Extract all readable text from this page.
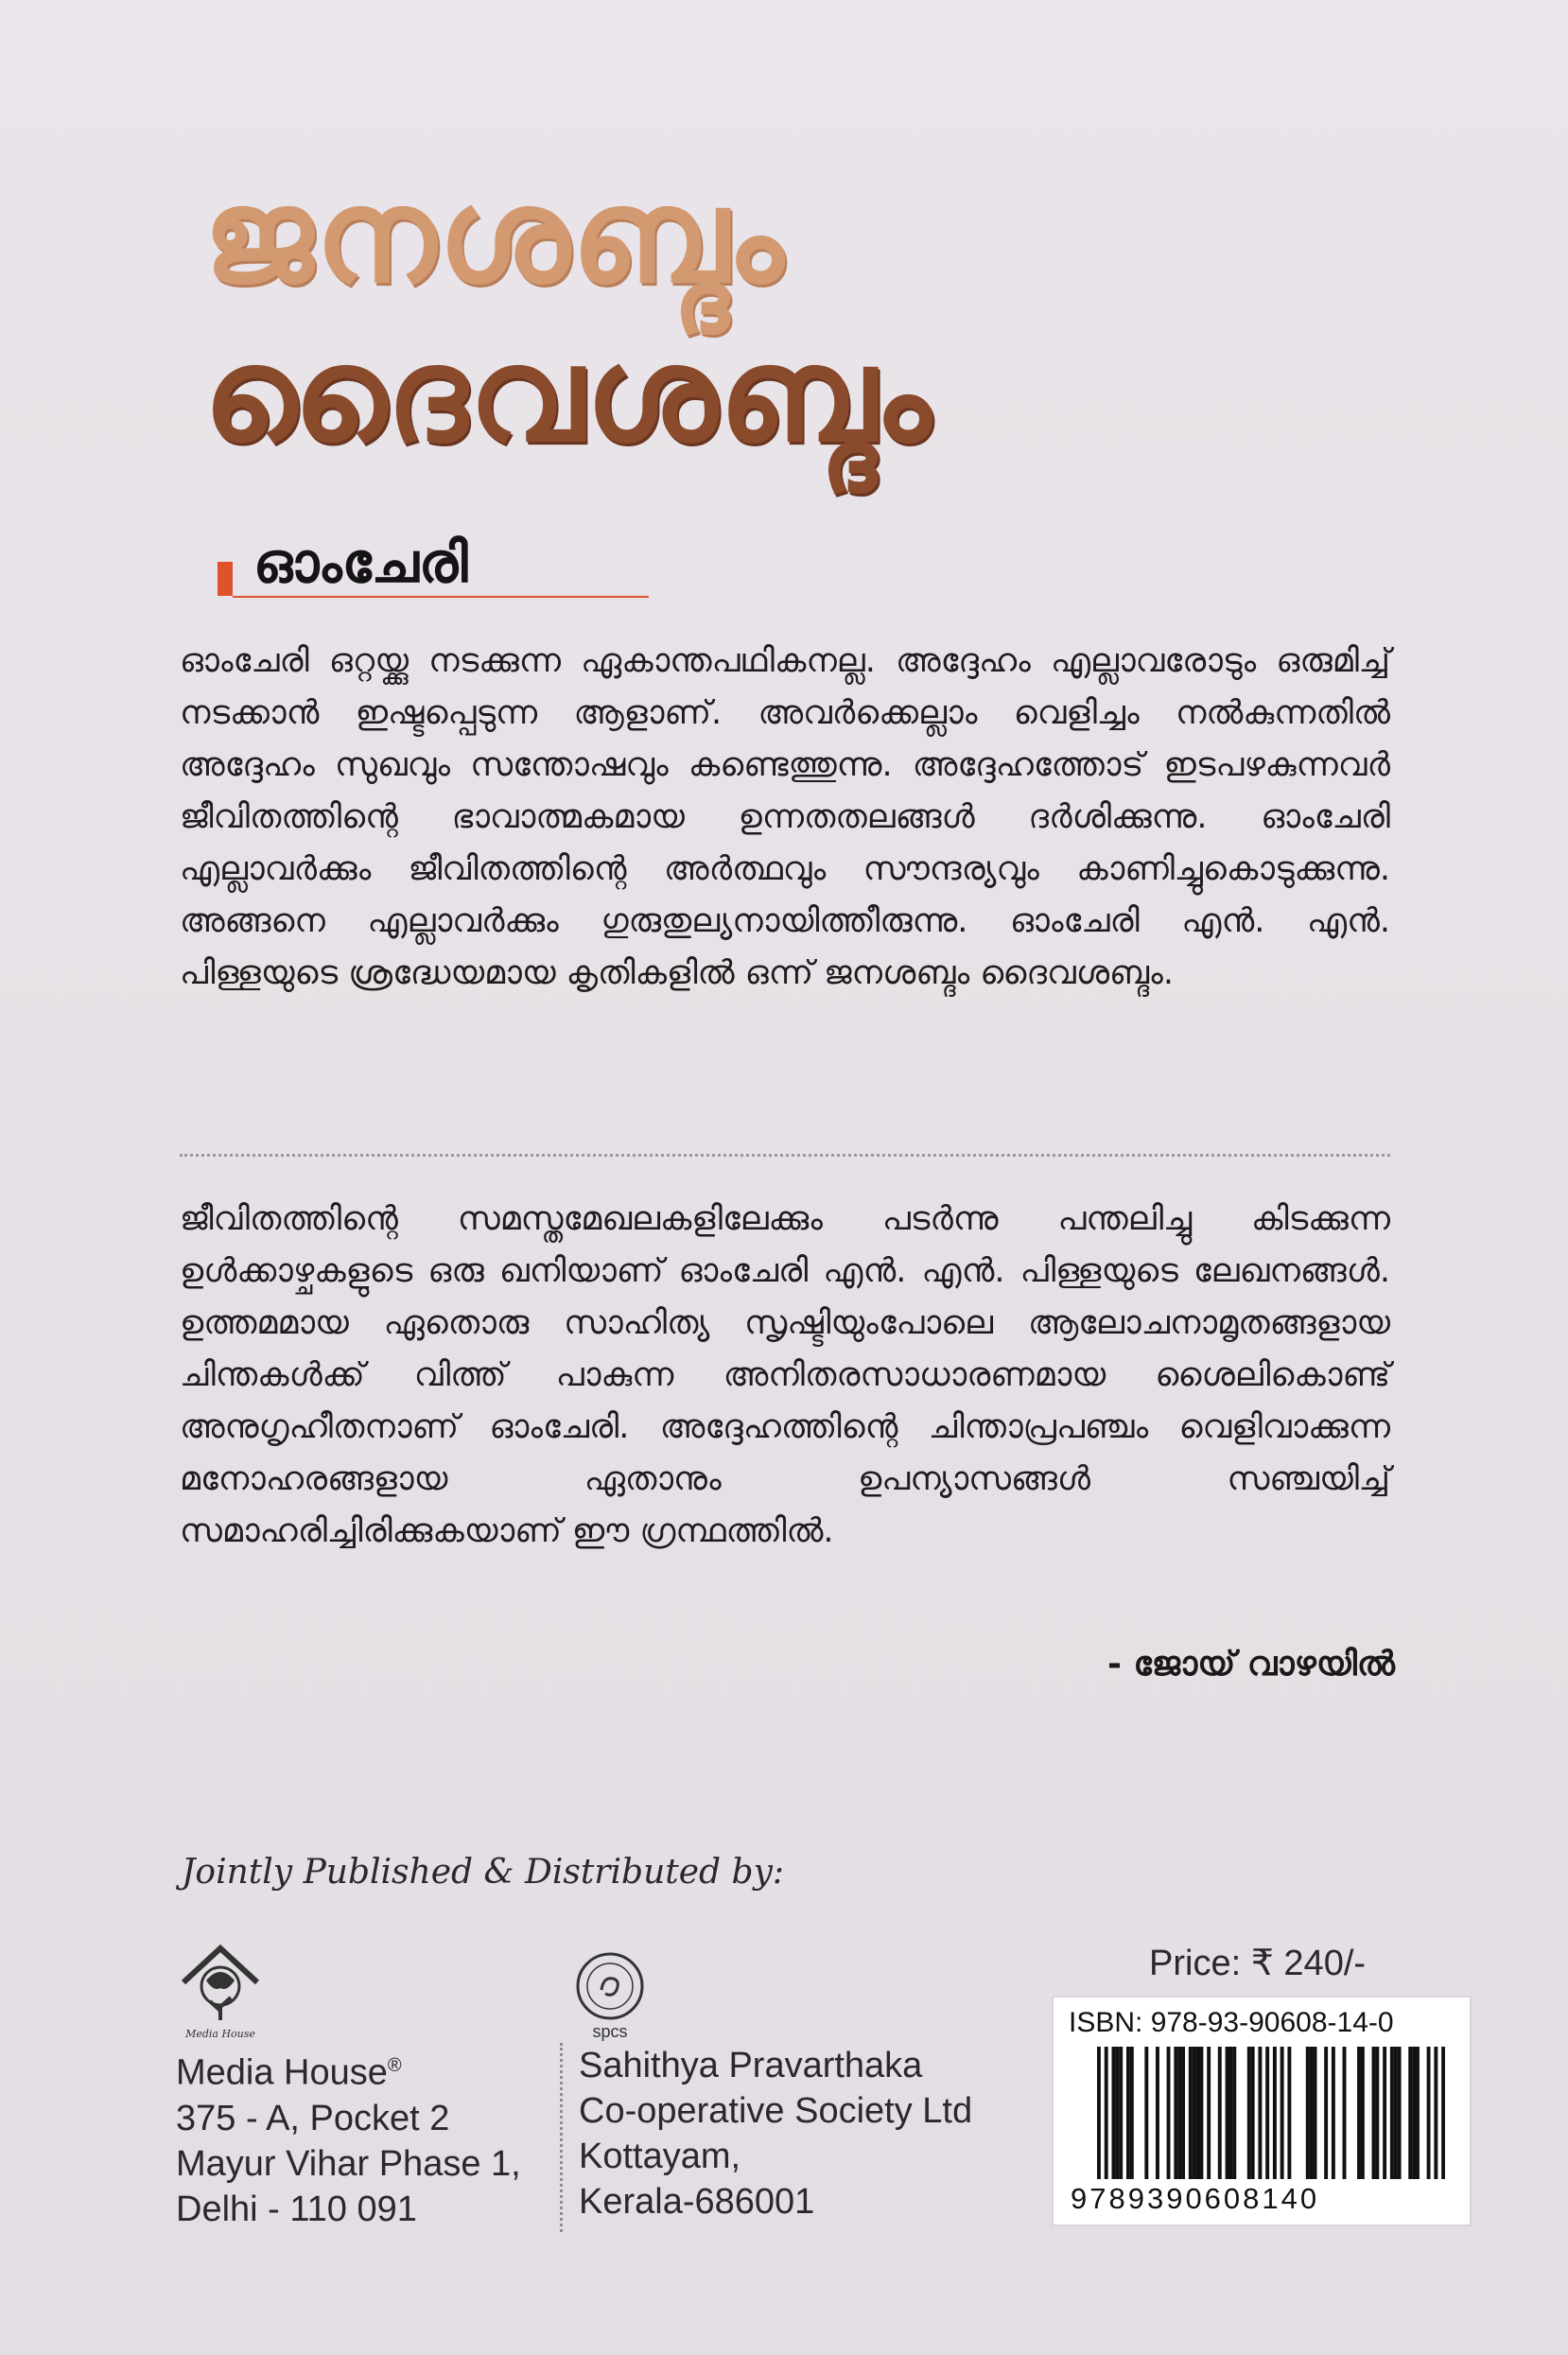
ജനശബ്ദം
ദൈവശബ്ദം
ഓംചേരി
ഓംചേരി ഒറ്റയ്ക്കു നടക്കുന്ന ഏകാന്തപഥികനല്ല. അദ്ദേഹം എല്ലാവരോടും ഒരുമിച്ച് നടക്കാൻ ഇഷ്ടപ്പെടുന്ന ആളാണ്. അവർക്കെല്ലാം വെളിച്ചം നൽകുന്നതിൽ അദ്ദേഹം സുഖവും സന്തോഷവും കണ്ടെത്തുന്നു. അദ്ദേഹത്തോട് ഇടപഴകുന്നവർ ജീവിതത്തിന്റെ ഭാവാത്മകമായ ഉന്നതതലങ്ങൾ ദർശിക്കുന്നു. ഓംചേരി എല്ലാവർക്കും ജീവിതത്തിന്റെ അർത്ഥവും സൗന്ദര്യവും കാണിച്ചുകൊടുക്കുന്നു. അങ്ങനെ എല്ലാവർക്കും ഗുരുതുല്യനായിത്തീരുന്നു. ഓംചേരി എൻ. എൻ. പിള്ളയുടെ ശ്രദ്ധേയമായ കൃതികളിൽ ഒന്ന് ജനശബ്ദം ദൈവശബ്ദം.
ജീവിതത്തിന്റെ സമസ്തമേഖലകളിലേക്കും പടർന്നു പന്തലിച്ചു കിടക്കുന്ന ഉൾക്കാഴ്ചകളുടെ ഒരു ഖനിയാണ് ഓംചേരി എൻ. എൻ. പിള്ളയുടെ ലേഖനങ്ങൾ. ഉത്തമമായ ഏതൊരു സാഹിത്യ സൃഷ്ടിയുംപോലെ ആലോചനാമൃതങ്ങളായ ചിന്തകൾക്ക് വിത്ത് പാകുന്ന അനിതരസാധാരണമായ ശൈലികൊണ്ട് അനുഗൃഹീതനാണ് ഓംചേരി. അദ്ദേഹത്തിന്റെ ചിന്താപ്രപഞ്ചം വെളിവാക്കുന്ന മനോഹരങ്ങളായ ഏതാനും ഉപന്യാസങ്ങൾ സഞ്ചയിച്ച് സമാഹരിച്ചിരിക്കുകയാണ് ഈ ഗ്രന്ഥത്തിൽ.
- ജോയ് വാഴയിൽ
Jointly Published & Distributed by:
Media House	spcs
Media House®
375 - A, Pocket 2
Mayur Vihar Phase 1,
Delhi - 110 091
Sahithya Pravarthaka
Co-operative Society Ltd
Kottayam,
Kerala-686001
Price: ₹ 240/-
ISBN: 978-93-90608-14-0
9789390608140
